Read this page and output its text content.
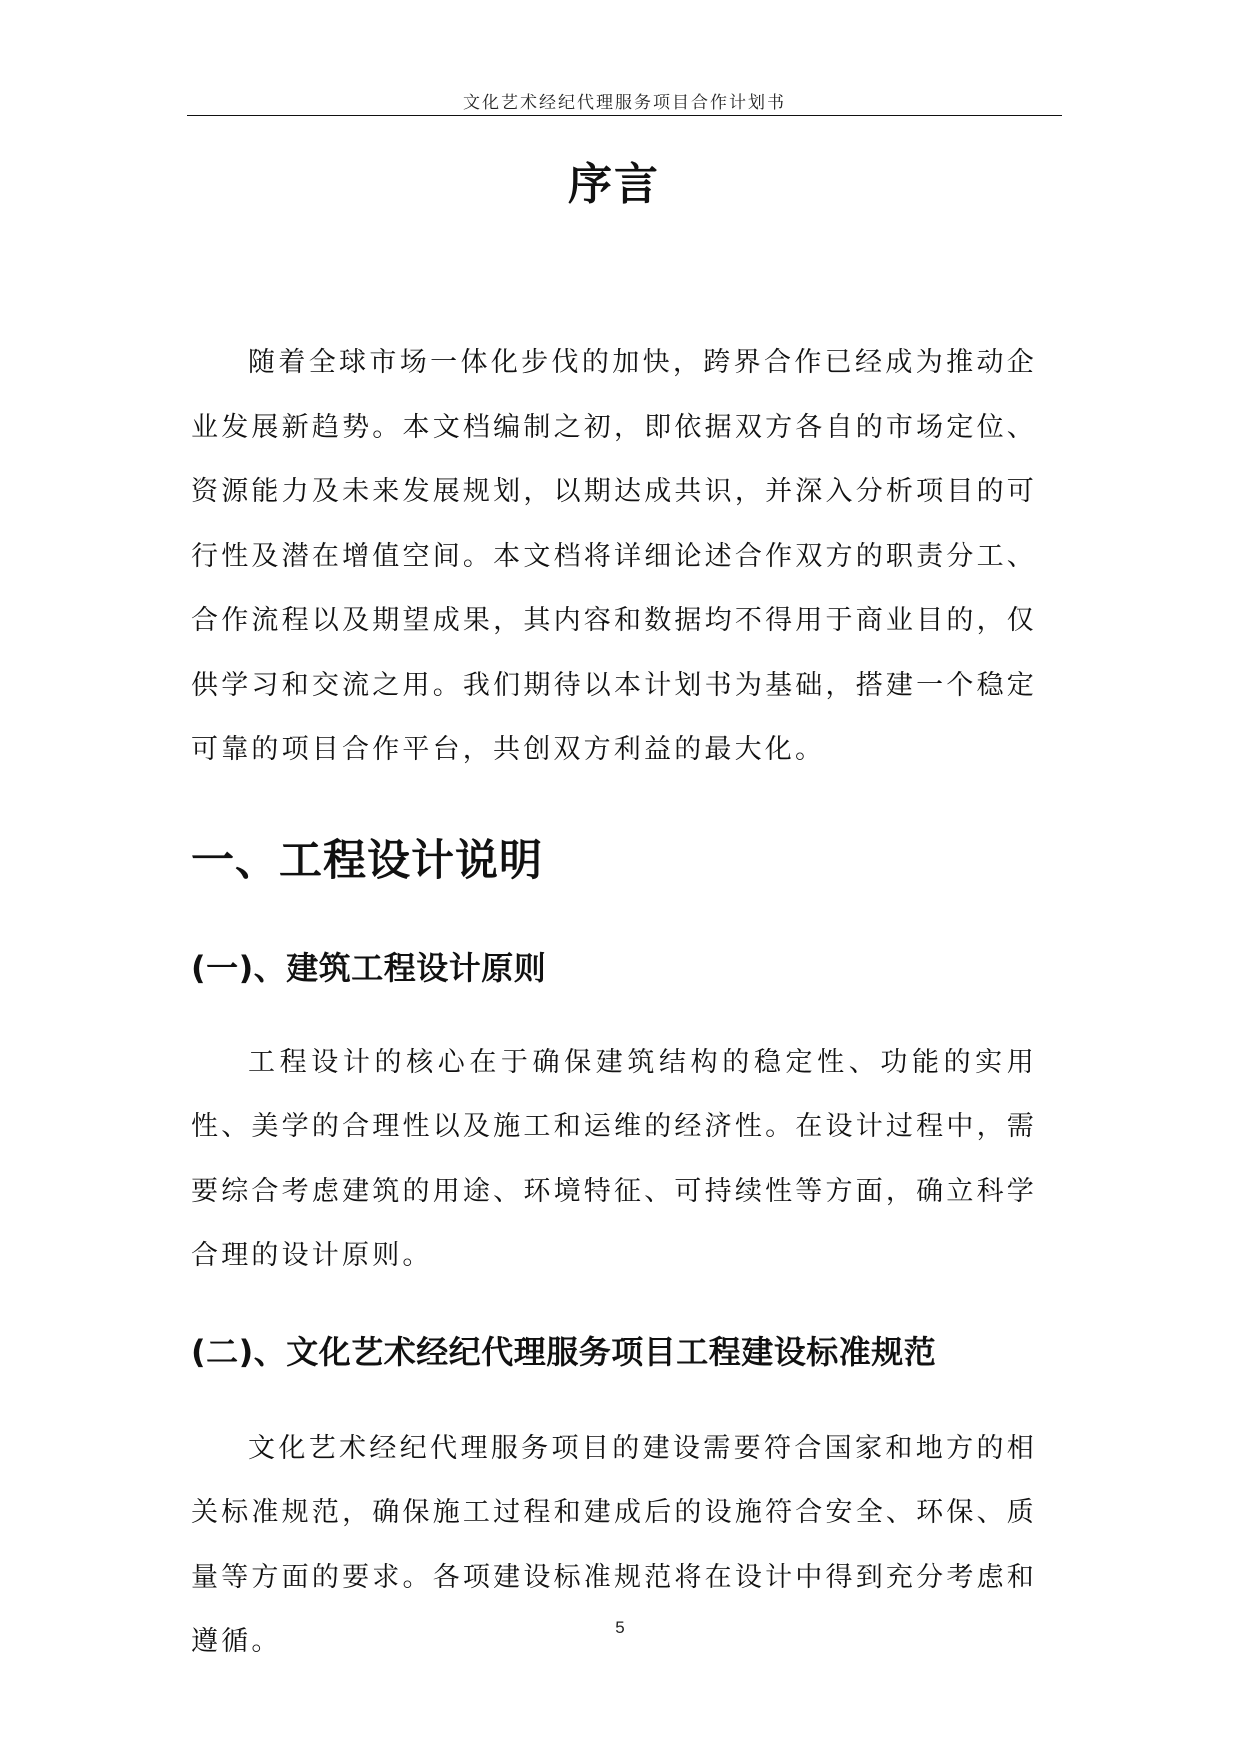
文化艺术经纪代理服务项目合作计划书
序言

随着全球市场一体化步伐的加快，跨界合作已经成为推动企业发展新趋势。本文档编制之初，即依据双方各自的市场定位、资源能力及未来发展规划，以期达成共识，并深入分析项目的可行性及潜在增值空间。本文档将详细论述合作双方的职责分工、合作流程以及期望成果，其内容和数据均不得用于商业目的，仅供学习和交流之用。我们期待以本计划书为基础，搭建一个稳定可靠的项目合作平台，共创双方利益的最大化。

一、工程设计说明
(一)、建筑工程设计原则

工程设计的核心在于确保建筑结构的稳定性、功能的实用性、美学的合理性以及施工和运维的经济性。在设计过程中，需要综合考虑建筑的用途、环境特征、可持续性等方面，确立科学合理的设计原则。

(二)、文化艺术经纪代理服务项目工程建设标准规范

文化艺术经纪代理服务项目的建设需要符合国家和地方的相关标准规范，确保施工过程和建成后的设施符合安全、环保、质量等方面的要求。各项建设标准规范将在设计中得到充分考虑和遵循。	5
